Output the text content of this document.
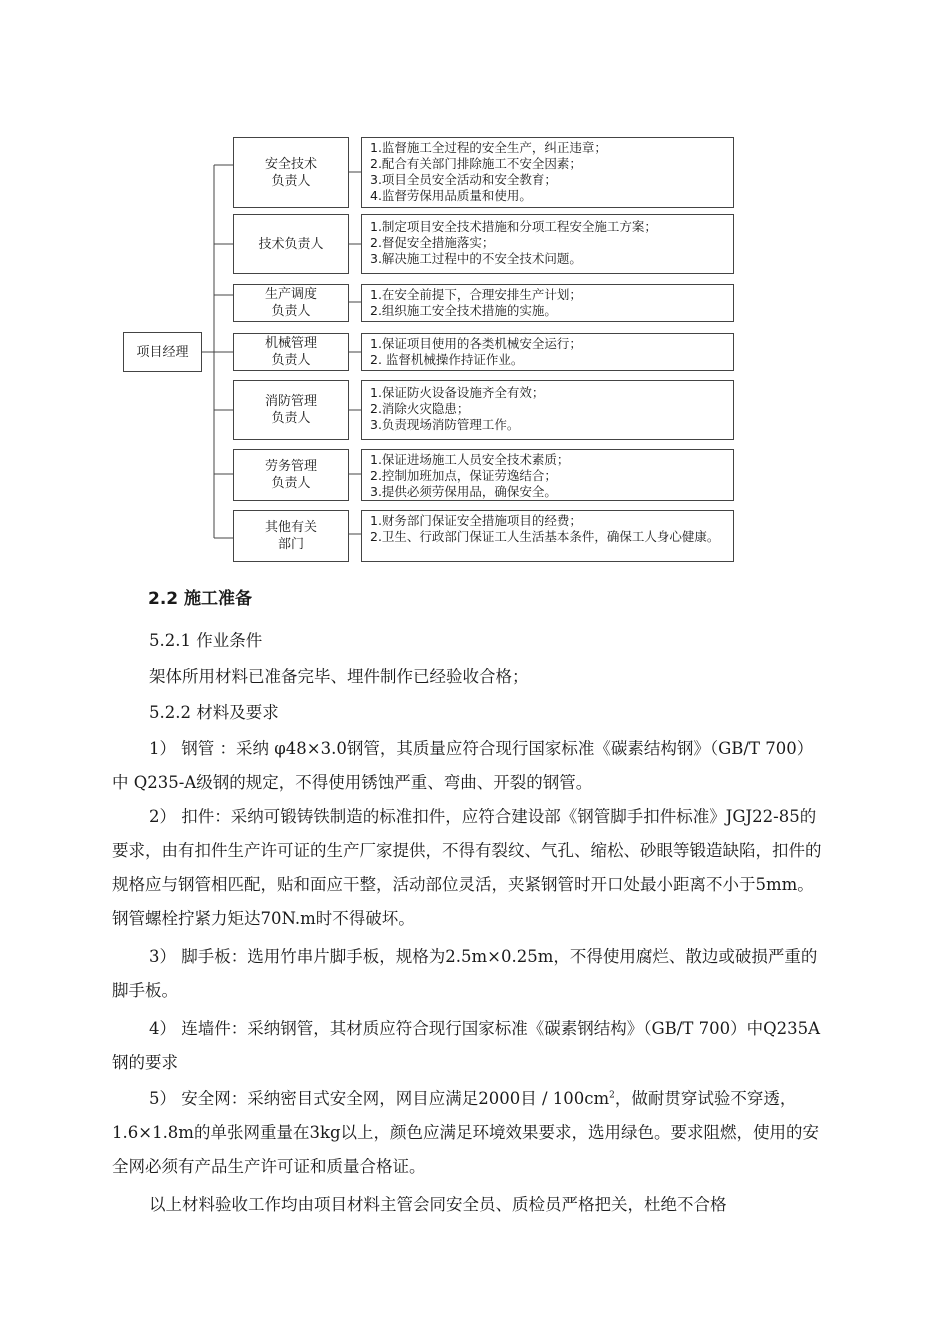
项目经理
安全技术
负责人
1.监督施工全过程的安全生产，纠正违章；
2.配合有关部门排除施工不安全因素；
3.项目全员安全活动和安全教育；
4.监督劳保用品质量和使用。
技术负责人
1.制定项目安全技术措施和分项工程安全施工方案；
2.督促安全措施落实；
3.解决施工过程中的不安全技术问题。
生产调度
负责人
1.在安全前提下，合理安排生产计划；
2.组织施工安全技术措施的实施。
机械管理
负责人
1.保证项目使用的各类机械安全运行；
2. 监督机械操作持证作业。
消防管理
负责人
1.保证防火设备设施齐全有效；
2.消除火灾隐患；
3.负责现场消防管理工作。
劳务管理
负责人
1.保证进场施工人员安全技术素质；
2.控制加班加点，保证劳逸结合；
3.提供必须劳保用品，确保安全。
其他有关
部门
1.财务部门保证安全措施项目的经费；
2.卫生、行政部门保证工人生活基本条件，确保工人身心健康。
2.2 施工准备
5.2.1 作业条件
架体所用材料已准备完毕、埋件制作已经验收合格；
5.2.2 材料及要求
1） 钢管 ：采纳 φ48×3.0钢管，其质量应符合现行国家标准《碳素结构钢》（GB/T 700）中 Q235-A级钢的规定，不得使用锈蚀严重、弯曲、开裂的钢管。
2） 扣件：采纳可锻铸铁制造的标准扣件，应符合建设部《钢管脚手扣件标准》JGJ22-85的要求，由有扣件生产许可证的生产厂家提供，不得有裂纹、气孔、缩松、砂眼等锻造缺陷，扣件的规格应与钢管相匹配，贴和面应干整，活动部位灵活，夹紧钢管时开口处最小距离不小于5mm。钢管螺栓拧紧力矩达70N.m时不得破坏。
3） 脚手板：选用竹串片脚手板，规格为2.5m×0.25m，不得使用腐烂、散边或破损严重的脚手板。
4） 连墙件：采纳钢管，其材质应符合现行国家标准《碳素钢结构》（GB/T 700）中Q235A钢的要求
5） 安全网：采纳密目式安全网，网目应满足2000目 / $100cm^2$，做耐贯穿试验不穿透，1.6×1.8m的单张网重量在3kg以上，颜色应满足环境效果要求，选用绿色。要求阻燃，使用的安全网必须有产品生产许可证和质量合格证。
以上材料验收工作均由项目材料主管会同安全员、质检员严格把关，杜绝不合格
